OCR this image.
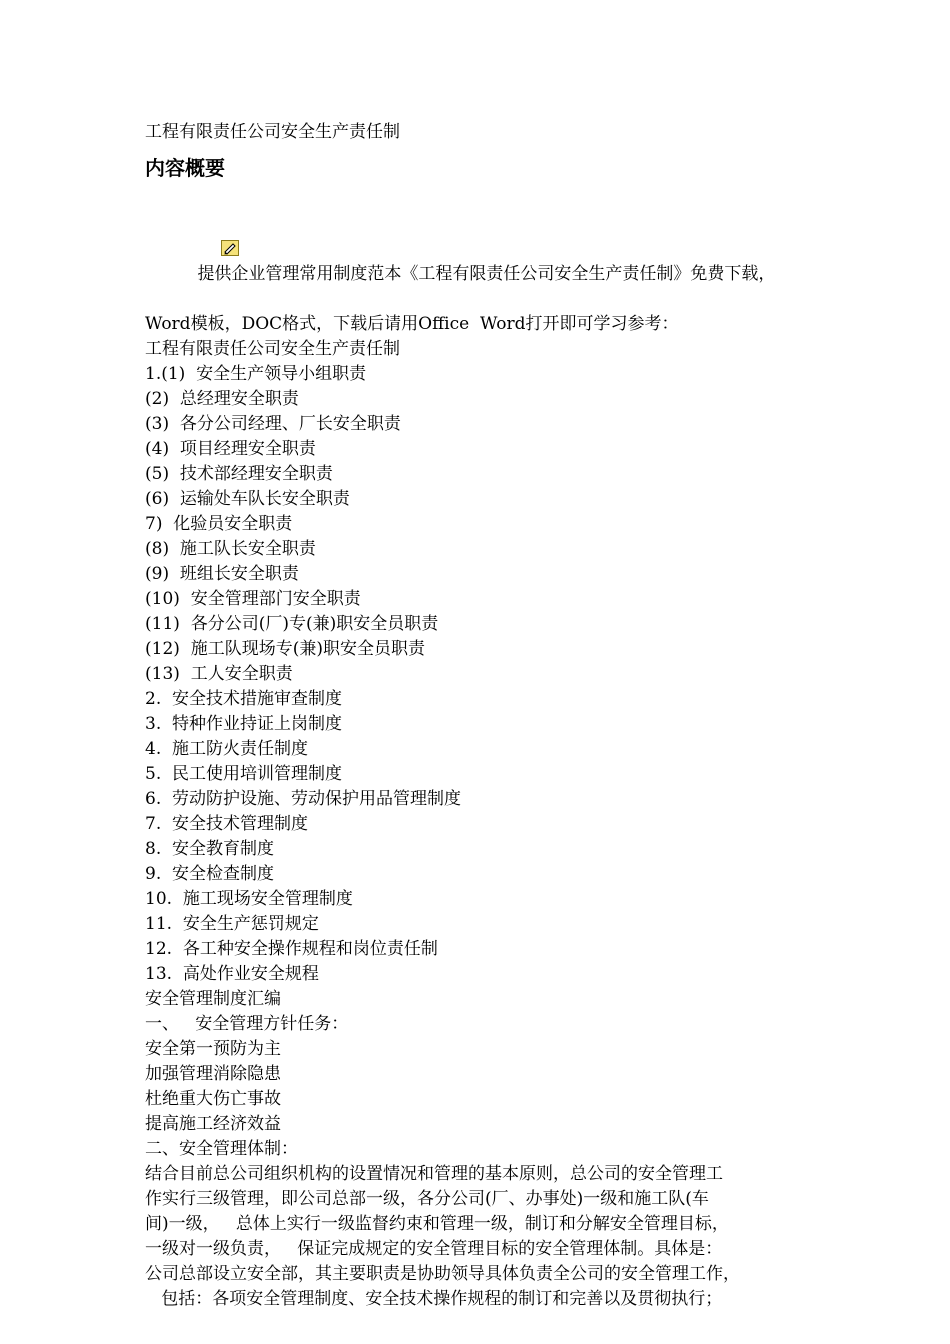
工程有限责任公司安全生产责任制
内容概要

提供企业管理常用制度范本《工程有限责任公司安全生产责任制》免费下载，

Word模板，DOC格式，下载后请用Office  Word打开即可学习参考：
工程有限责任公司安全生产责任制
1.(1)  安全生产领导小组职责
(2)  总经理安全职责
(3)  各分公司经理、厂长安全职责
(4)  项目经理安全职责
(5)  技术部经理安全职责
(6)  运输处车队长安全职责
7)  化验员安全职责
(8)  施工队长安全职责
(9)  班组长安全职责
(10)  安全管理部门安全职责
(11)  各分公司(厂)专(兼)职安全员职责
(12)  施工队现场专(兼)职安全员职责
(13)  工人安全职责
2.  安全技术措施审查制度
3.  特种作业持证上岗制度
4.  施工防火责任制度
5.  民工使用培训管理制度
6.  劳动防护设施、劳动保护用品管理制度
7.  安全技术管理制度
8.  安全教育制度
9.  安全检查制度
10.  施工现场安全管理制度
11.  安全生产惩罚规定
12.  各工种安全操作规程和岗位责任制
13.  高处作业安全规程
安全管理制度汇编
一、   安全管理方针任务：
安全第一预防为主
加强管理消除隐患
杜绝重大伤亡事故
提高施工经济效益
二、安全管理体制：
结合目前总公司组织机构的设置情况和管理的基本原则，总公司的安全管理工
作实行三级管理，即公司总部一级，各分公司(厂、办事处)一级和施工队(车
间)一级，   总体上实行一级监督约束和管理一级，制订和分解安全管理目标，
一级对一级负责，   保证完成规定的安全管理目标的安全管理体制。具体是：
公司总部设立安全部，其主要职责是协助领导具体负责全公司的安全管理工作，
包括：各项安全管理制度、安全技术操作规程的制订和完善以及贯彻执行；
